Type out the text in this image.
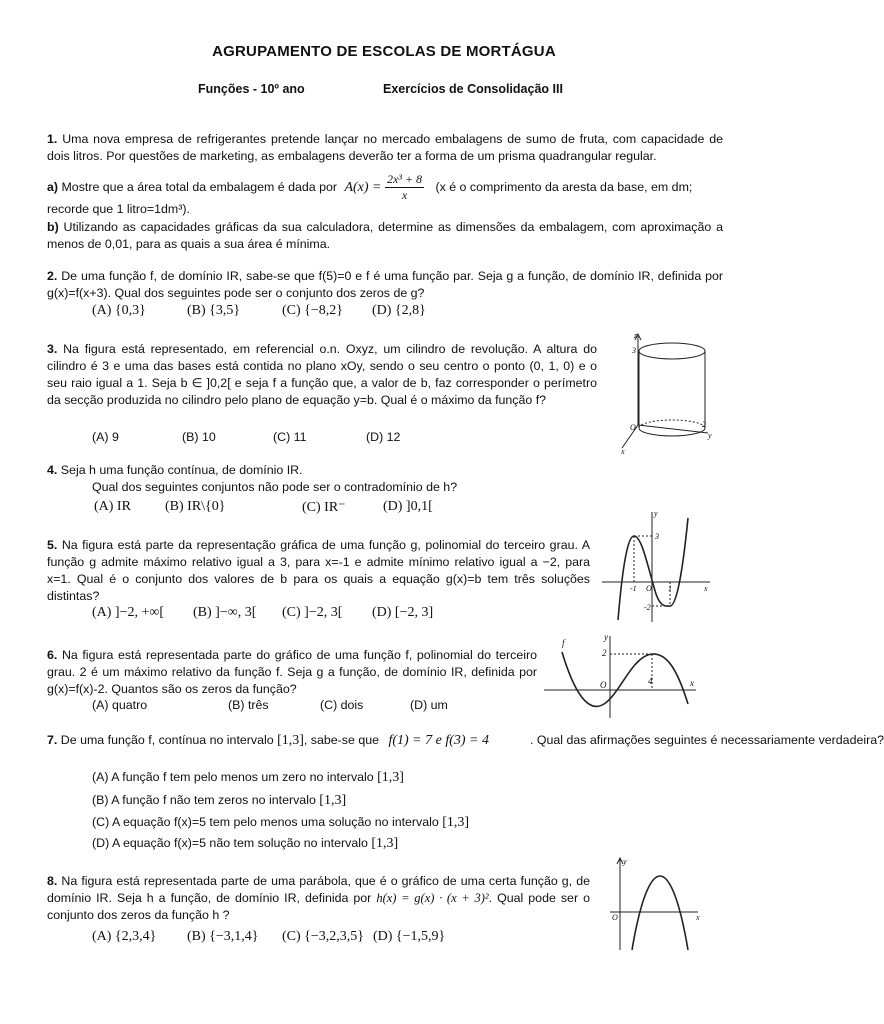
AGRUPAMENTO DE ESCOLAS DE MORTÁGUA
Funções - 10º ano	Exercícios de Consolidação III
1. Uma nova empresa de refrigerantes pretende lançar no mercado embalagens de sumo de fruta, com capacidade de dois litros. Por questões de marketing, as embalagens deverão ter a forma de um prisma quadrangular regular.
a) Mostre que a área total da embalagem é dada por $A(x) = \frac{\text{2x³ + 8}}{x} (x$ é o comprimento da aresta da base, em dm;
recorde que 1 litro=1dm³).
b) Utilizando as capacidades gráficas da sua calculadora, determine as dimensões da embalagem, com aproximação a menos de 0,01, para as quais a sua área é mínima.
2. De uma função f, de domínio IR, sabe-se que f(5)=0 e f é uma função par. Seja g a função, de domínio IR, definida por g(x)=f(x+3). Qual dos seguintes pode ser o conjunto dos zeros de g?
(A) {0,3}	(B) {3,5}	(C) {−8,2} (D) {2,8}
3. Na figura está representado, em referencial o.n. Oxyz, um cilindro de revolução. A altura do cilindro é 3 e uma das bases está contida no plano xOy, sendo o seu centro o ponto (0, 1, 0) e o seu raio igual a 1. Seja b ∈ ]0,2[ e seja f a função que, a valor de b, faz corresponder o perímetro da secção produzida no cilindro pelo plano de equação y=b. Qual é o máximo da função f?
(A) 9	(B) 10	(C) 11	(D) 12
z
3
O	2
y
x
4. Seja h uma função contínua, de domínio IR.
Qual dos seguintes conjuntos não pode ser o contradomínio de h?
(A) IR (B) IR\{0}	(C) IR⁻	(D) ]0,1[
5. Na figura está parte da representação gráfica de uma função g, polinomial do terceiro grau. A função g admite máximo relativo igual a 3, para x=-1 e admite mínimo relativo igual a −2, para x=1. Qual é o conjunto dos valores de b para os quais a equação g(x)=b tem três soluções distintas?
(A) ]−2, +∞[ (B) ]−∞, 3[ (C) ]−2, 3[ (D) [−2, 3]
y
3
-1 O 1	x
-2
6. Na figura está representada parte do gráfico de uma função f, polinomial do terceiro grau. 2 é um máximo relativo da função f. Seja g a função, de domínio IR, definida por g(x)=f(x)-2. Quantos são os zeros da função?
(A) quatro	(B) três	(C) dois	(D) um
f
y
2
O	4	x
7. De uma função f, contínua no intervalo [1,3], sabe-se que f(1) = 7 e f(3) = 4	. Qual das afirmações seguintes é necessariamente verdadeira?
(A) A função f tem pelo menos um zero no intervalo [1,3]
(B) A função f não tem zeros no intervalo [1,3]
(C) A equação f(x)=5 tem pelo menos uma solução no intervalo [1,3]
(D) A equação f(x)=5 não tem solução no intervalo [1,3]
8. Na figura está representada parte de uma parábola, que é o gráfico de uma certa função g, de domínio IR. Seja h a função, de domínio IR, definida por h(x) = g(x) · (x + 3)². Qual pode ser o conjunto dos zeros da função h ?
(A) {2,3,4} (B) {−3,1,4} (C) {−3,2,3,5} (D) {−1,5,9}
y
O	x
